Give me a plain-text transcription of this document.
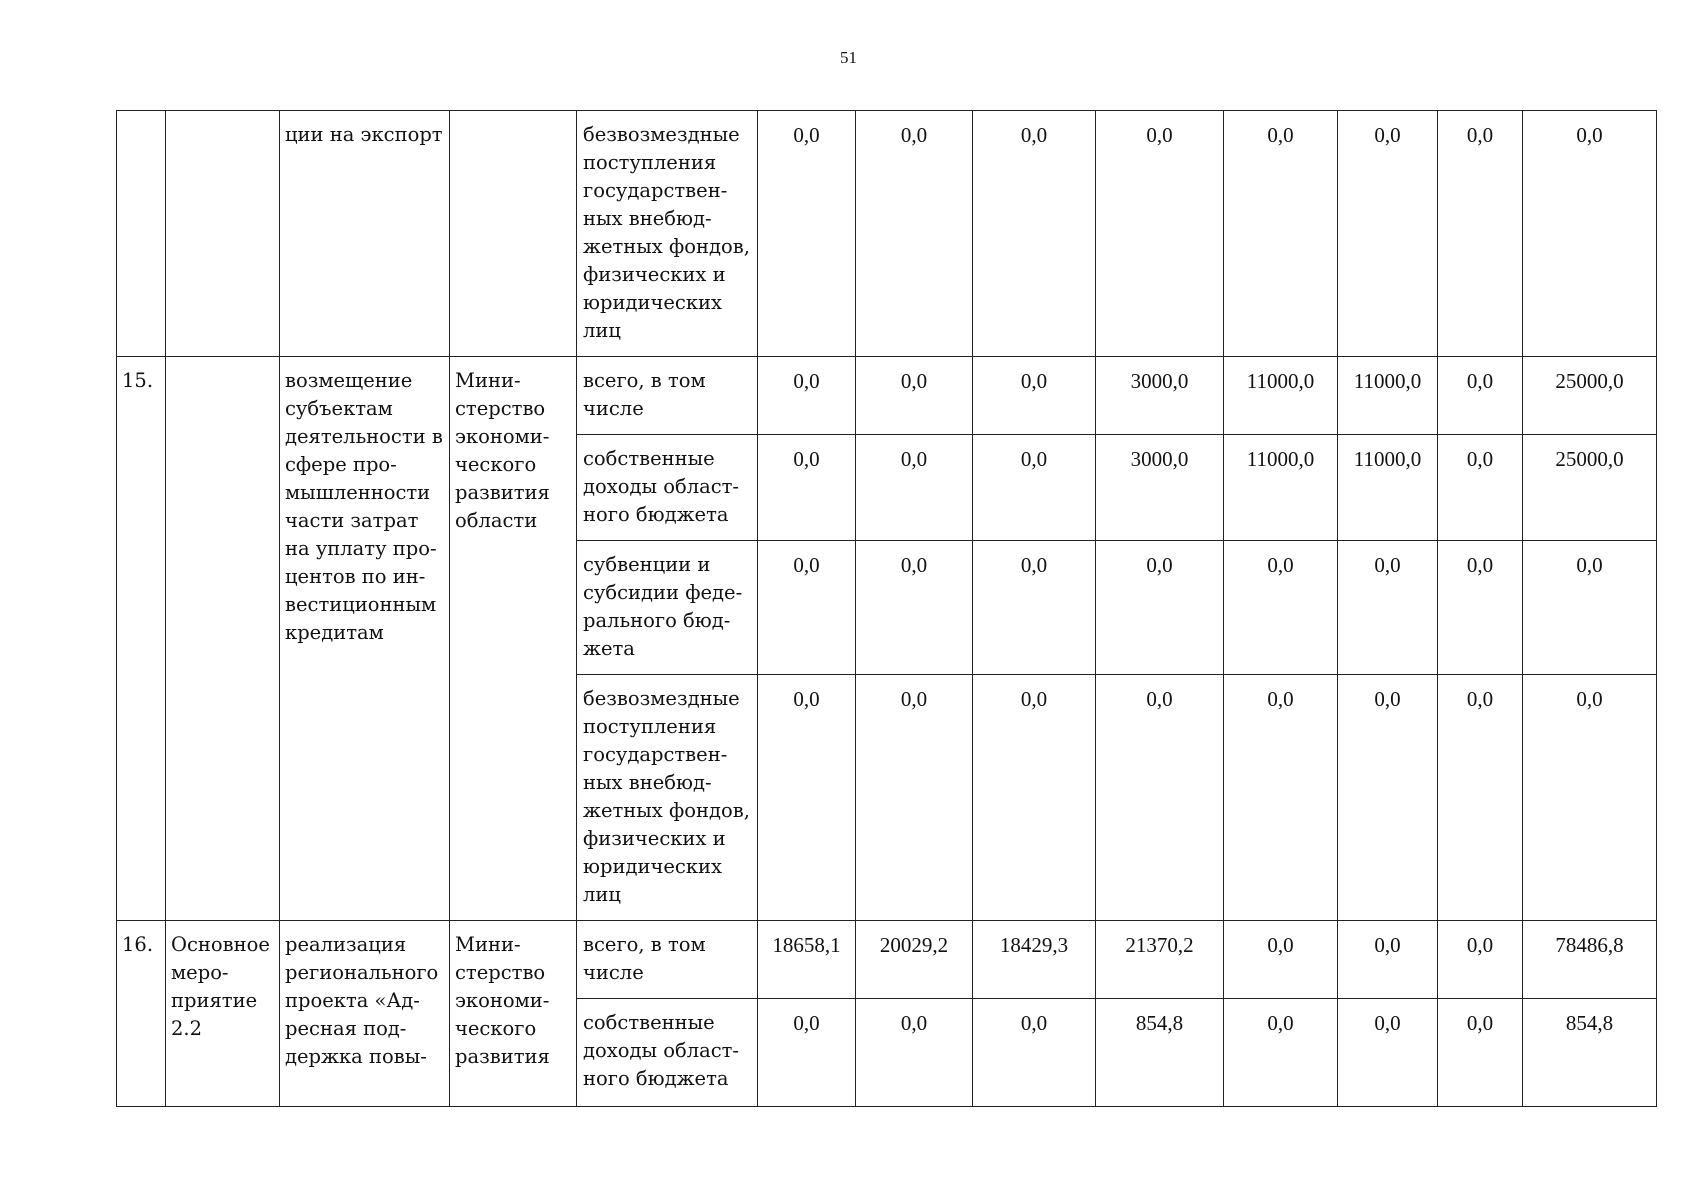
51
		ции на экспорт		безвозмездные поступления государствен-ных внебюд-жетных фондов, физических и юридических лиц	0,0	0,0	0,0	0,0	0,0	0,0	0,0	0,0
15.		возмещение субъектам деятельности в сфере про-мышленности части затрат на уплату про-центов по ин-вестиционным кредитам	Мини-стерство экономи-ческого развития области	всего, в том числе	0,0	0,0	0,0	3000,0	11000,0	11000,0	0,0	25000,0
				собственные доходы област-ного бюджета	0,0	0,0	0,0	3000,0	11000,0	11000,0	0,0	25000,0
				субвенции и субсидии феде-рального бюд-жета	0,0	0,0	0,0	0,0	0,0	0,0	0,0	0,0
				безвозмездные поступления государствен-ных внебюд-жетных фондов, физических и юридических лиц	0,0	0,0	0,0	0,0	0,0	0,0	0,0	0,0
16.	Основное меро-приятие 2.2	реализация регионального проекта «Ад-ресная под-держка повы-	Мини-стерство экономи-ческого развития	всего, в том числе	18658,1	20029,2	18429,3	21370,2	0,0	0,0	0,0	78486,8
				собственные доходы област-ного бюджета	0,0	0,0	0,0	854,8	0,0	0,0	0,0	854,8
